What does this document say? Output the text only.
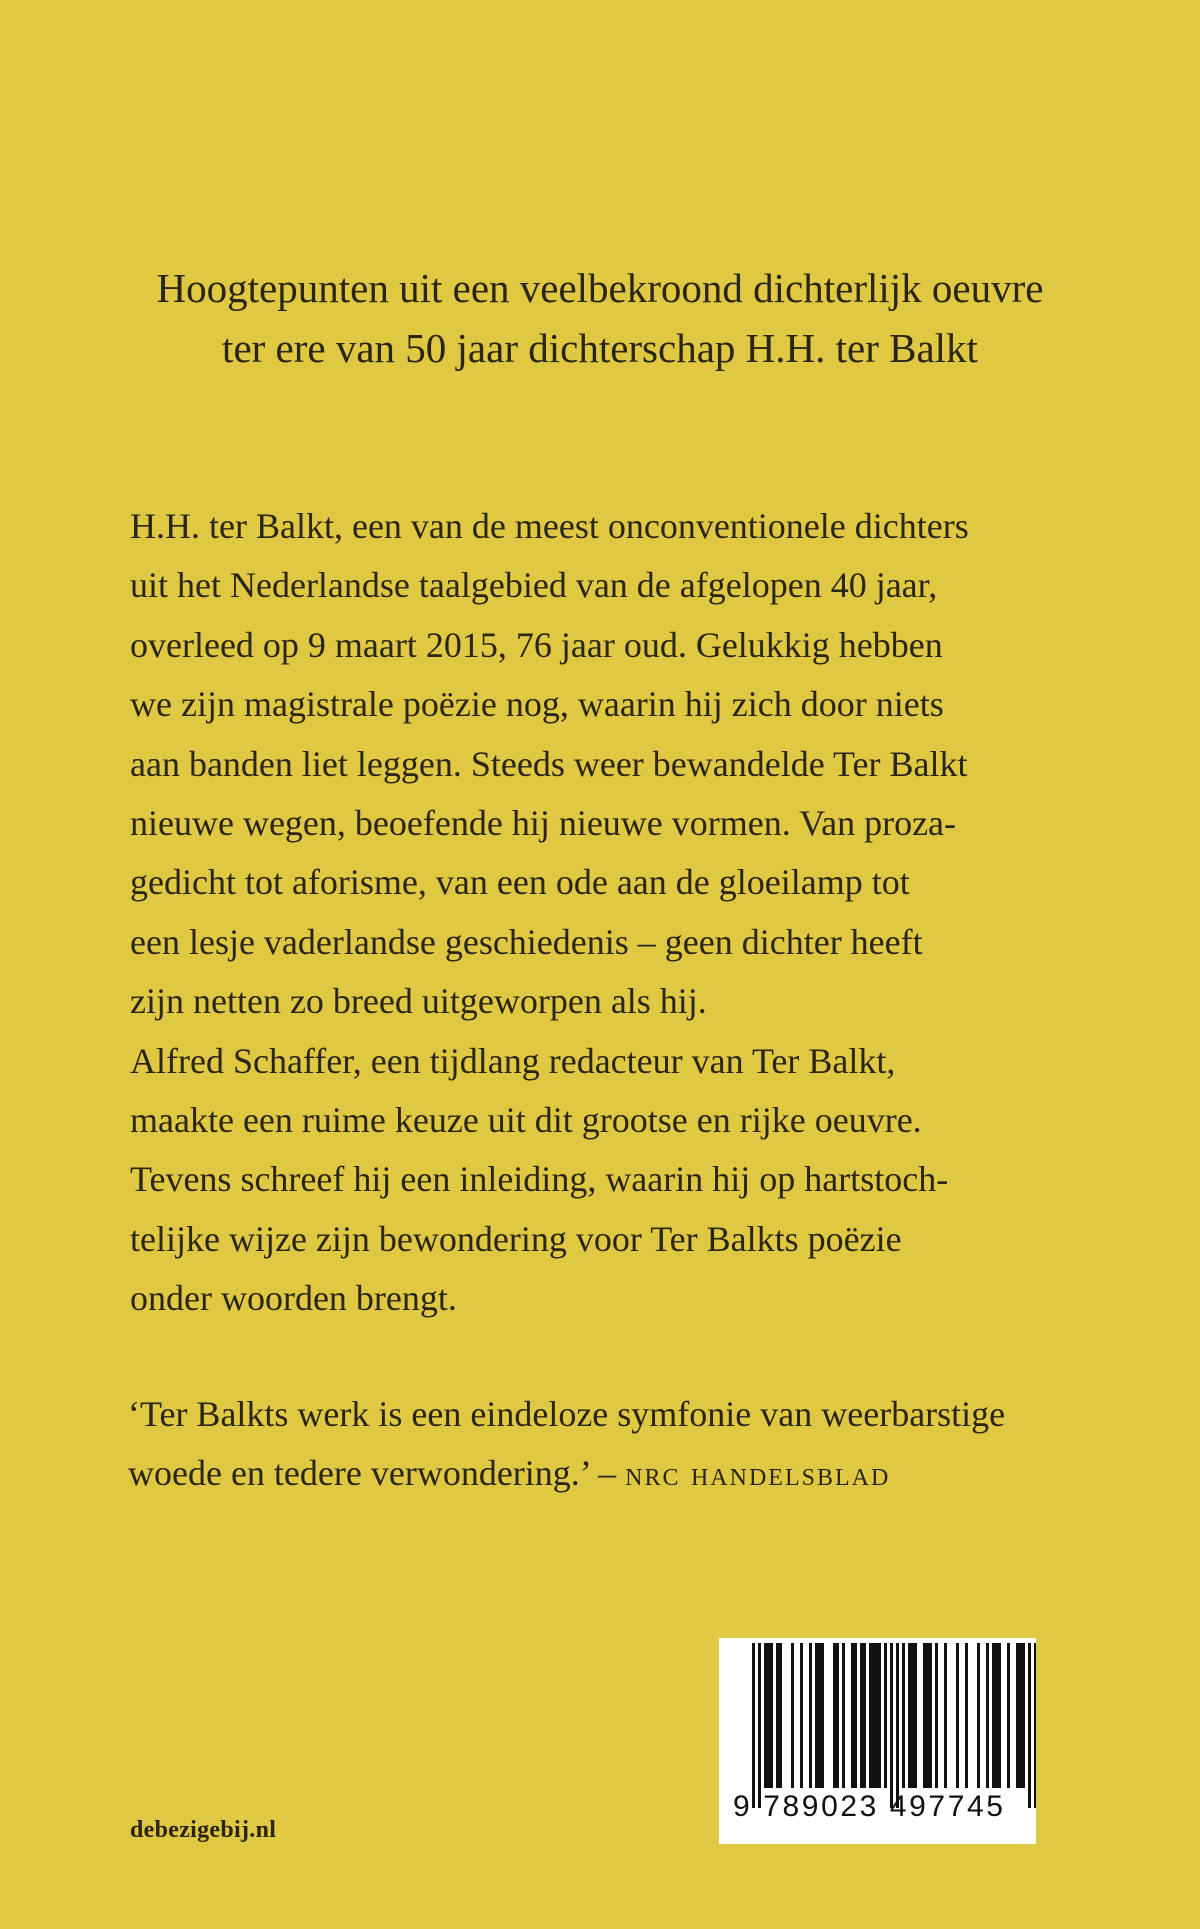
Hoogtepunten uit een veelbekroond dichterlijk oeuvre
ter ere van 50 jaar dichterschap H.H. ter Balkt
H.H. ter Balkt, een van de meest onconventionele dichters
uit het Nederlandse taalgebied van de afgelopen 40 jaar,
overleed op 9 maart 2015, 76 jaar oud. Gelukkig hebben
we zijn magistrale poëzie nog, waarin hij zich door niets
aan banden liet leggen. Steeds weer bewandelde Ter Balkt
nieuwe wegen, beoefende hij nieuwe vormen. Van proza-
gedicht tot aforisme, van een ode aan de gloeilamp tot
een lesje vaderlandse geschiedenis – geen dichter heeft
zijn netten zo breed uitgeworpen als hij.
Alfred Schaffer, een tijdlang redacteur van Ter Balkt,
maakte een ruime keuze uit dit grootse en rijke oeuvre.
Tevens schreef hij een inleiding, waarin hij op hartstoch-
telijke wijze zijn bewondering voor Ter Balkts poëzie
onder woorden brengt.
‘Ter Balkts werk is een eindeloze symfonie van weerbarstige
woede en tedere verwondering.’ – nrc handelsblad
debezigebij.nl
9 789023 497745
